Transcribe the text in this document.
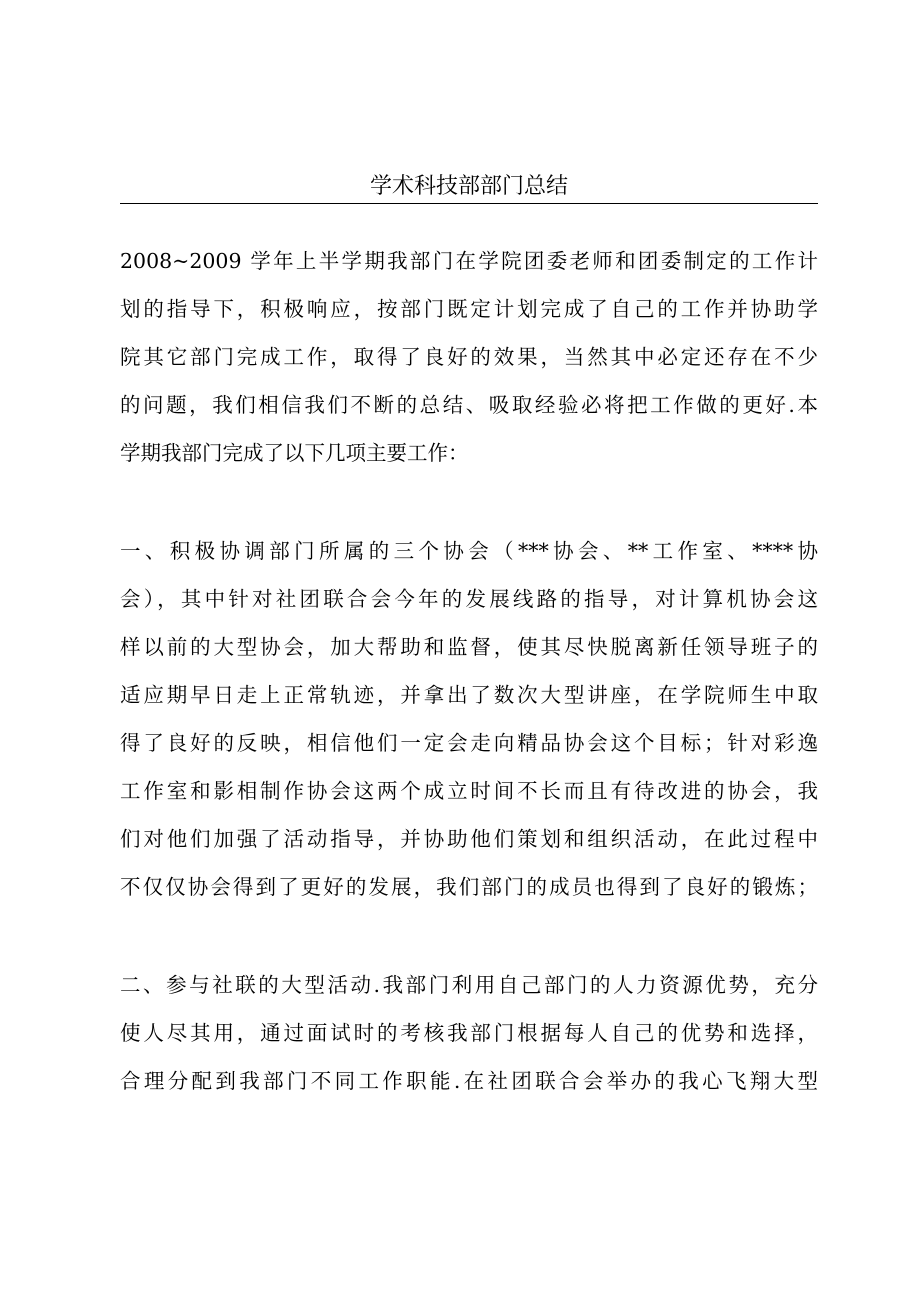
学术科技部部门总结

2008~2009 学年上半学期我部门在学院团委老师和团委制定的工作计
划的指导下，积极响应，按部门既定计划完成了自己的工作并协助学
院其它部门完成工作，取得了良好的效果，当然其中必定还存在不少
的问题，我们相信我们不断的总结、吸取经验必将把工作做的更好.本
学期我部门完成了以下几项主要工作：

一、积极协调部门所属的三个协会（***协会、**工作室、****协
会），其中针对社团联合会今年的发展线路的指导，对计算机协会这
样以前的大型协会，加大帮助和监督，使其尽快脱离新任领导班子的
适应期早日走上正常轨迹，并拿出了数次大型讲座，在学院师生中取
得了良好的反映，相信他们一定会走向精品协会这个目标；针对彩逸
工作室和影相制作协会这两个成立时间不长而且有待改进的协会，我
们对他们加强了活动指导，并协助他们策划和组织活动，在此过程中
不仅仅协会得到了更好的发展，我们部门的成员也得到了良好的锻炼；

二、参与社联的大型活动.我部门利用自己部门的人力资源优势，充分
使人尽其用，通过面试时的考核我部门根据每人自己的优势和选择，
合理分配到我部门不同工作职能.在社团联合会举办的我心飞翔大型
